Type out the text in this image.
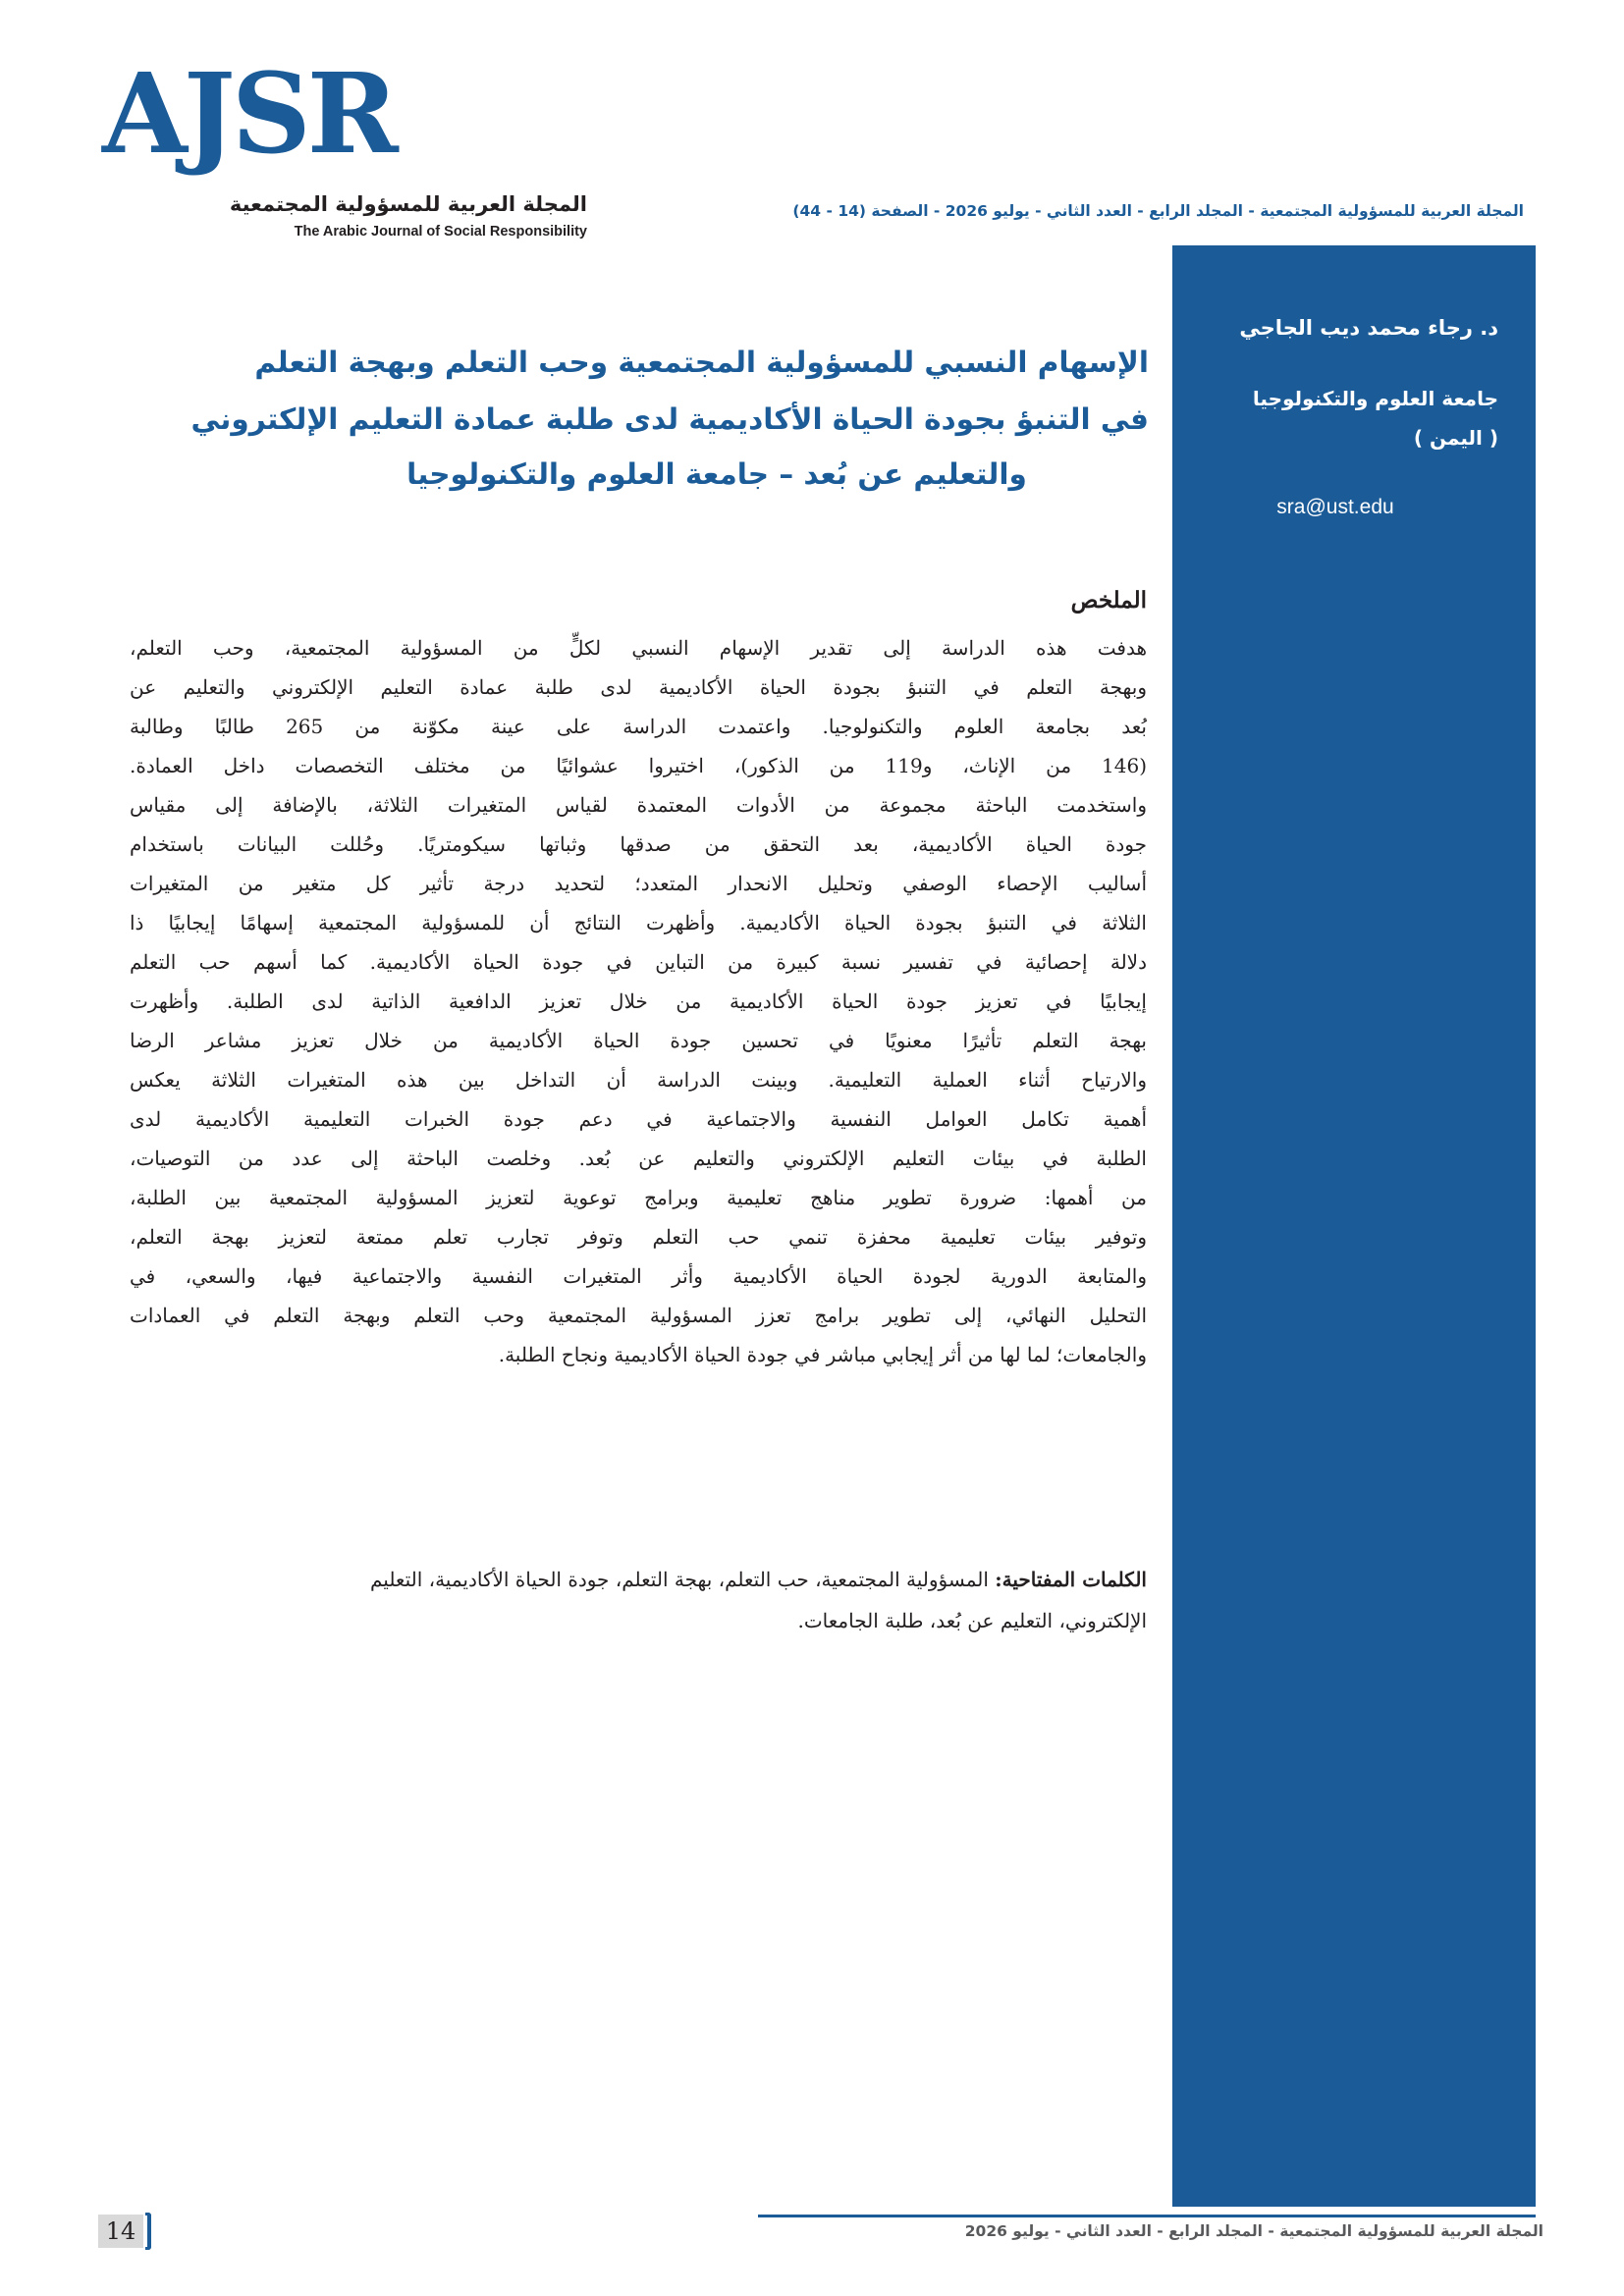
AJSR
المجلة العربية للمسؤولية المجتمعية
The Arabic Journal of Social Responsibility
المجلة العربية للمسؤولية المجتمعية - المجلد الرابع - العدد الثاني - يوليو 2026 - الصفحة (14 - 44)
د. رجاء محمد ديب الجاجي
جامعة العلوم والتكنولوجيا
( اليمن )
sra@ust.edu
الإسهام النسبي للمسؤولية المجتمعية وحب التعلم وبهجة التعلم
في التنبؤ بجودة الحياة الأكاديمية لدى طلبة عمادة التعليم الإلكتروني
والتعليم عن بُعد – جامعة العلوم والتكنولوجيا
الملخص
هدفت هذه الدراسة إلى تقدير الإسهام النسبي لكلٍّ من المسؤولية المجتمعية، وحب التعلم،
وبهجة التعلم في التنبؤ بجودة الحياة الأكاديمية لدى طلبة عمادة التعليم الإلكتروني والتعليم عن
بُعد بجامعة العلوم والتكنولوجيا. واعتمدت الدراسة على عينة مكوّنة من 265 طالبًا وطالبة
(146 من الإناث، و119 من الذكور)، اختيروا عشوائيًا من مختلف التخصصات داخل العمادة.
واستخدمت الباحثة مجموعة من الأدوات المعتمدة لقياس المتغيرات الثلاثة، بالإضافة إلى مقياس
جودة الحياة الأكاديمية، بعد التحقق من صدقها وثباتها سيكومتريًا. وحُللت البيانات باستخدام
أساليب الإحصاء الوصفي وتحليل الانحدار المتعدد؛ لتحديد درجة تأثير كل متغير من المتغيرات
الثلاثة في التنبؤ بجودة الحياة الأكاديمية. وأظهرت النتائج أن للمسؤولية المجتمعية إسهامًا إيجابيًا ذا
دلالة إحصائية في تفسير نسبة كبيرة من التباين في جودة الحياة الأكاديمية. كما أسهم حب التعلم
إيجابيًا في تعزيز جودة الحياة الأكاديمية من خلال تعزيز الدافعية الذاتية لدى الطلبة. وأظهرت
بهجة التعلم تأثيرًا معنويًا في تحسين جودة الحياة الأكاديمية من خلال تعزيز مشاعر الرضا
والارتياح أثناء العملية التعليمية. وبينت الدراسة أن التداخل بين هذه المتغيرات الثلاثة يعكس
أهمية تكامل العوامل النفسية والاجتماعية في دعم جودة الخبرات التعليمية الأكاديمية لدى
الطلبة في بيئات التعليم الإلكتروني والتعليم عن بُعد. وخلصت الباحثة إلى عدد من التوصيات،
من أهمها: ضرورة تطوير مناهج تعليمية وبرامج توعوية لتعزيز المسؤولية المجتمعية بين الطلبة،
وتوفير بيئات تعليمية محفزة تنمي حب التعلم وتوفر تجارب تعلم ممتعة لتعزيز بهجة التعلم،
والمتابعة الدورية لجودة الحياة الأكاديمية وأثر المتغيرات النفسية والاجتماعية فيها، والسعي، في
التحليل النهائي، إلى تطوير برامج تعزز المسؤولية المجتمعية وحب التعلم وبهجة التعلم في العمادات
والجامعات؛ لما لها من أثر إيجابي مباشر في جودة الحياة الأكاديمية ونجاح الطلبة.
الكلمات المفتاحية: المسؤولية المجتمعية، حب التعلم، بهجة التعلم، جودة الحياة الأكاديمية، التعليم
الإلكتروني، التعليم عن بُعد، طلبة الجامعات.
المجلة العربية للمسؤولية المجتمعية - المجلد الرابع - العدد الثاني - يوليو 2026
14
